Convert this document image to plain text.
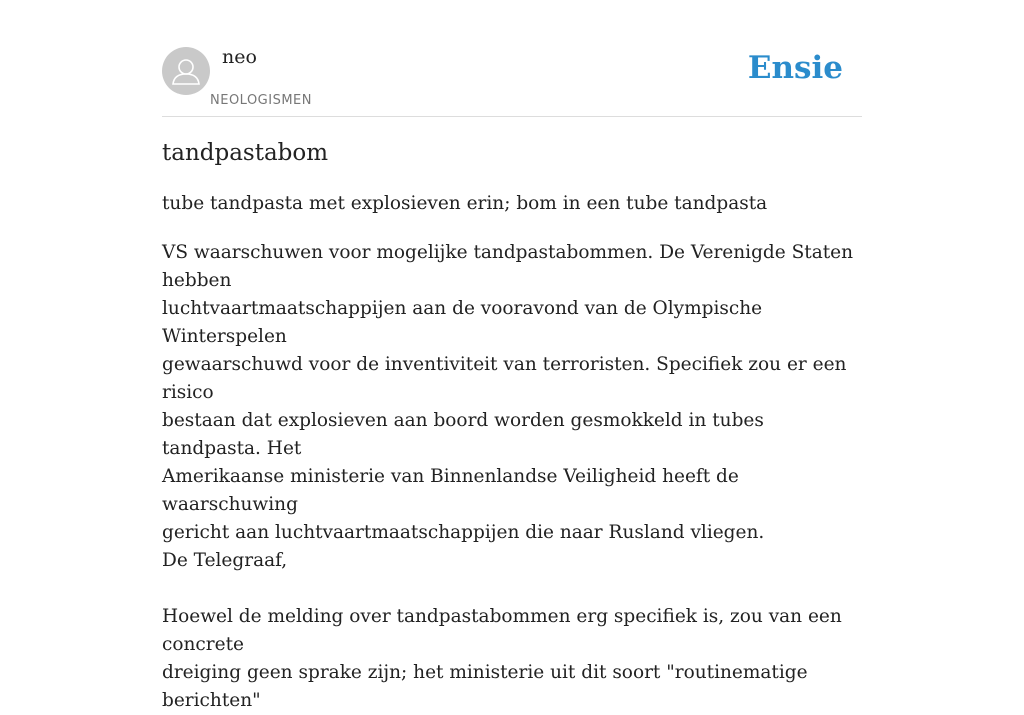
neo
NEOLOGISMEN
Ensie
tandpastabom
tube tandpasta met explosieven erin; bom in een tube tandpasta

VS waarschuwen voor mogelijke tandpastabommen. De Verenigde Staten hebben

luchtvaartmaatschappijen aan de vooravond van de Olympische Winterspelen

gewaarschuwd voor de inventiviteit van terroristen. Specifiek zou er een risico

bestaan dat explosieven aan boord worden gesmokkeld in tubes tandpasta. Het

Amerikaanse ministerie van Binnenlandse Veiligheid heeft de waarschuwing

gericht aan luchtvaartmaatschappijen die naar Rusland vliegen.

De Telegraaf,

Hoewel de melding over tandpastabommen erg specifiek is, zou van een concrete

dreiging geen sprake zijn; het ministerie uit dit soort "routinematige berichten"
